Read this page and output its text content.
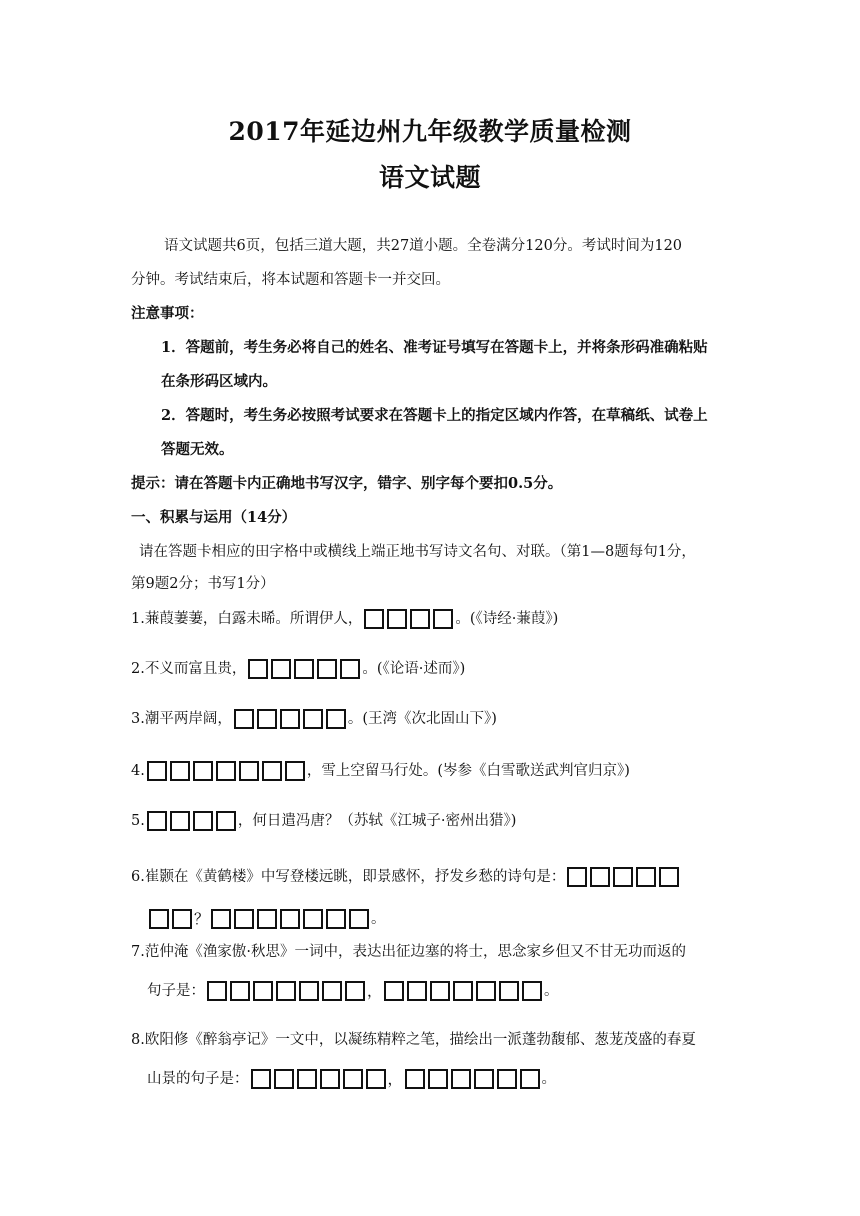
2017年延边州九年级教学质量检测
语文试题
语文试题共6页，包括三道大题，共27道小题。全卷满分120分。考试时间为120
分钟。考试结束后，将本试题和答题卡一并交回。
注意事项：
1．答题前，考生务必将自己的姓名、准考证号填写在答题卡上，并将条形码准确粘贴
在条形码区域内。
2．答题时，考生务必按照考试要求在答题卡上的指定区域内作答，在草稿纸、试卷上
答题无效。
提示：请在答题卡内正确地书写汉字，错字、别字每个要扣0.5分。
一、积累与运用（14分）
请在答题卡相应的田字格中或横线上端正地书写诗文名句、对联。（第1—8题每句1分，
第9题2分；书写1分）
1.蒹葭萋萋，白露未晞。所谓伊人，	。(《诗经·蒹葭》)
2.不义而富且贵，	。(《论语·述而》)
3.潮平两岸阔，	。(王湾《次北固山下》)
4.	，雪上空留马行处。(岑参《白雪歌送武判官归京》)
5.	，何日遣冯唐？（苏轼《江城子·密州出猎》)
6.崔颢在《黄鹤楼》中写登楼远眺，即景感怀，抒发乡愁的诗句是：
？	。
7.范仲淹《渔家傲·秋思》一词中，表达出征边塞的将士，思念家乡但又不甘无功而返的
句子是：	，	。
8.欧阳修《醉翁亭记》一文中，以凝练精粹之笔，描绘出一派蓬勃馥郁、葱茏茂盛的春夏
山景的句子是：	，	。
